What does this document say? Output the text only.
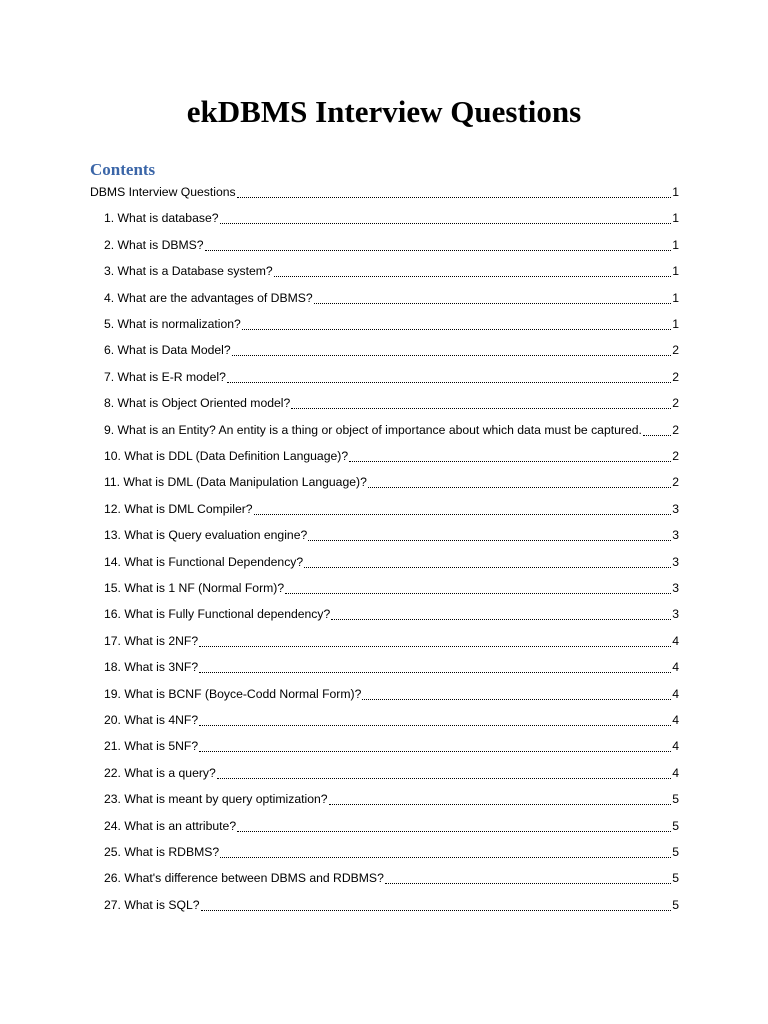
ekDBMS Interview Questions
Contents
DBMS Interview Questions	1
1. What is database?	1
2. What is DBMS?	1
3. What is a Database system?	1
4. What are the advantages of DBMS?	1
5. What is normalization?	1
6. What is Data Model?	2
7. What is E-R model?	2
8. What is Object Oriented model?	2
9. What is an Entity? An entity is a thing or object of importance about which data must be captured. 2
10. What is DDL (Data Definition Language)?	2
11. What is DML (Data Manipulation Language)?	2
12. What is DML Compiler?	3
13. What is Query evaluation engine?	3
14. What is Functional Dependency?	3
15. What is 1 NF (Normal Form)?	3
16. What is Fully Functional dependency?	3
17. What is 2NF?	4
18. What is 3NF?	4
19. What is BCNF (Boyce-Codd Normal Form)?	4
20. What is 4NF?	4
21. What is 5NF?	4
22. What is a query?	4
23. What is meant by query optimization?	5
24. What is an attribute?	5
25. What is RDBMS?	5
26. What's difference between DBMS and RDBMS?	5
27. What is SQL?	5
